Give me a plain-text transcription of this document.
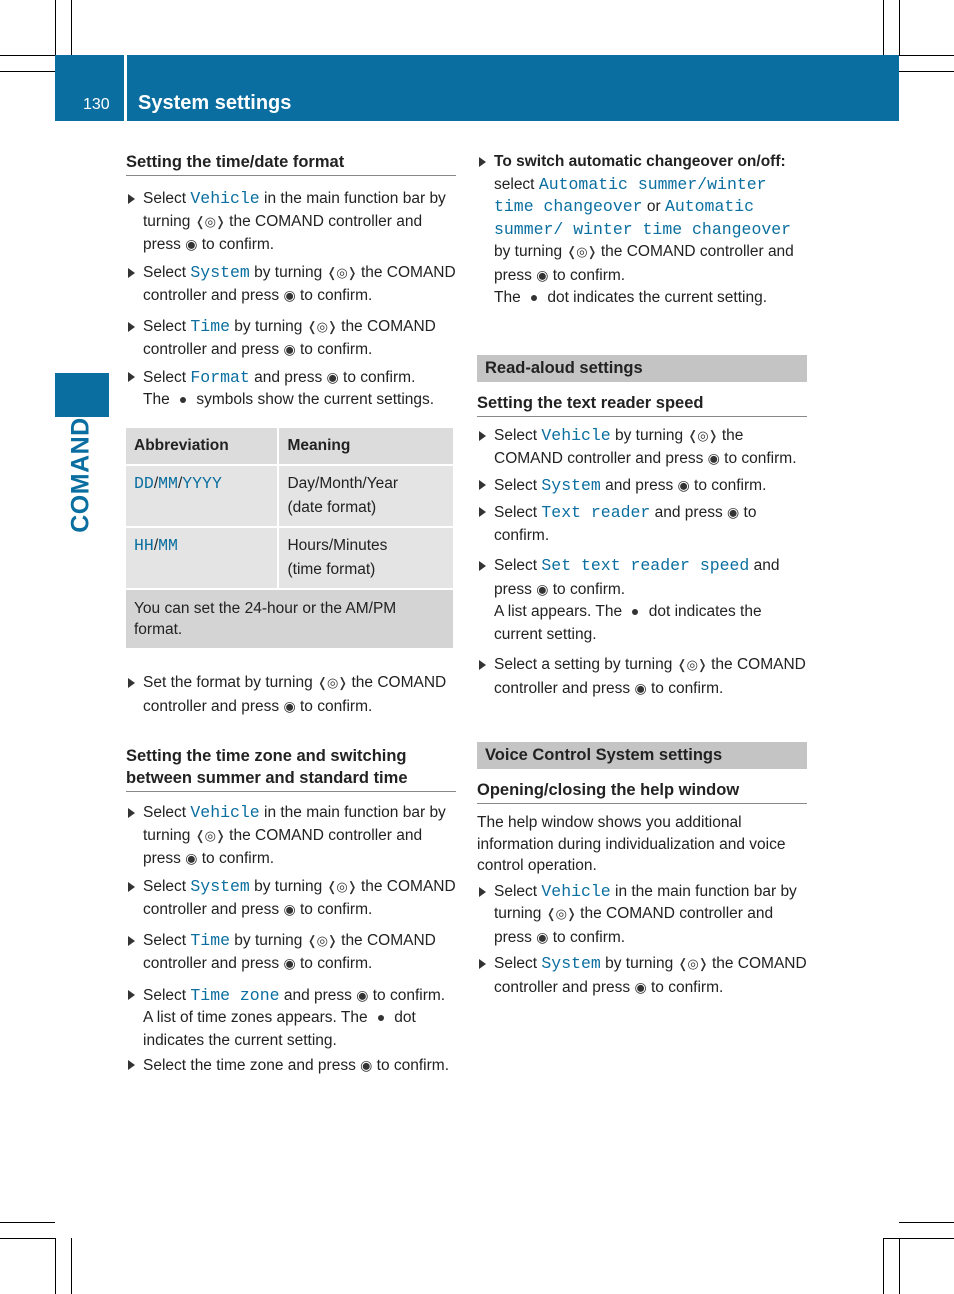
130 System settings
COMAND
Setting the time/date format

Select Vehicle in the main function bar by turning ❬◎❭ the COMAND controller and press ◉ to confirm.

Select System by turning ❬◎❭ the COMAND controller and press ◉ to confirm.

Select Time by turning ❬◎❭ the COMAND controller and press ◉ to confirm.

Select Format and press ◉ to confirm.
The  symbols show the current settings.

Abbreviation	Meaning
DD/MM/YYYY	Day/Month/Year
(date format)
HH/MM	Hours/Minutes
(time format)
You can set the 24-hour or the AM/PM format.	

Set the format by turning ❬◎❭ the COMAND controller and press ◉ to confirm.

Setting the time zone and switching between summer and standard time

Select Vehicle in the main function bar by turning ❬◎❭ the COMAND controller and press ◉ to confirm.

Select System by turning ❬◎❭ the COMAND controller and press ◉ to confirm.

Select Time by turning ❬◎❭ the COMAND controller and press ◉ to confirm.

Select Time zone and press ◉ to confirm.
A list of time zones appears. The  dot indicates the current setting.

Select the time zone and press ◉ to confirm.

To switch automatic changeover on/off: select Automatic summer/winter time changeover or Automatic summer/ winter time changeover by turning ❬◎❭ the COMAND controller and press ◉ to confirm.
The  dot indicates the current setting.

Read-aloud settings
Setting the text reader speed

Select Vehicle by turning ❬◎❭ the COMAND controller and press ◉ to confirm.

Select System and press ◉ to confirm.

Select Text reader and press ◉ to confirm.

Select Set text reader speed and press ◉ to confirm.
A list appears. The  dot indicates the current setting.

Select a setting by turning ❬◎❭ the COMAND controller and press ◉ to confirm.

Voice Control System settings
Opening/closing the help window

The help window shows you additional information during individualization and voice control operation.

Select Vehicle in the main function bar by turning ❬◎❭ the COMAND controller and press ◉ to confirm.

Select System by turning ❬◎❭ the COMAND controller and press ◉ to confirm.
